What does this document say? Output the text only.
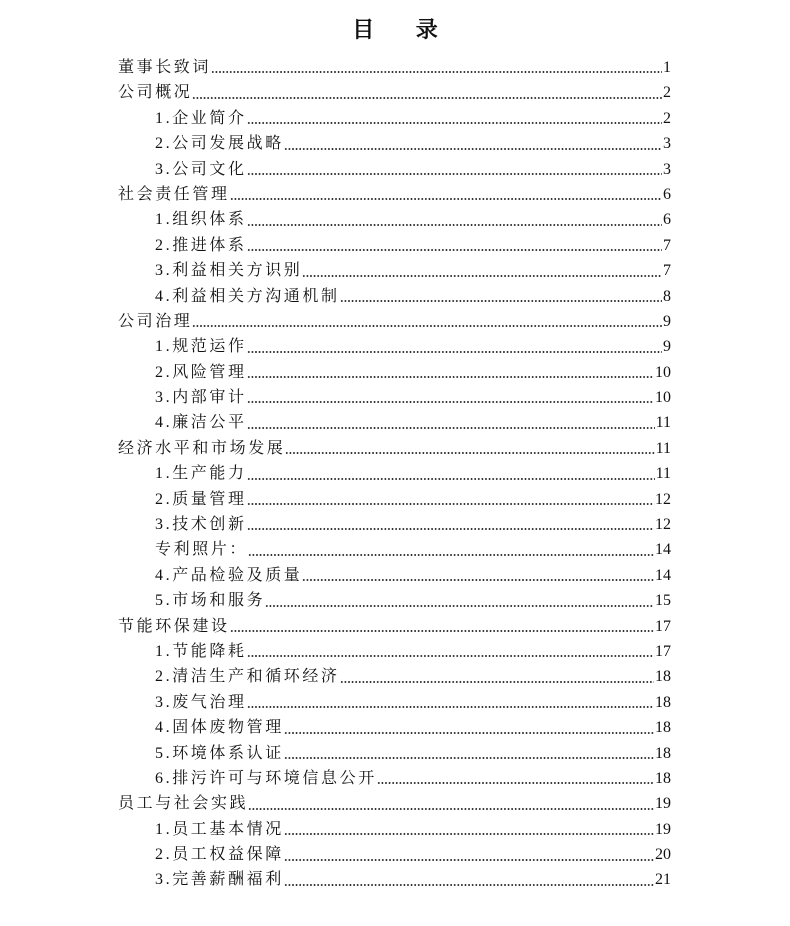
目 录
董事长致词	1
公司概况	2
1.企业简介	2
2.公司发展战略	3
3.公司文化	3
社会责任管理	6
1.组织体系	6
2.推进体系	7
3.利益相关方识别	7
4.利益相关方沟通机制	8
公司治理	9
1.规范运作	9
2.风险管理	10
3.内部审计	10
4.廉洁公平	11
经济水平和市场发展	11
1.生产能力	11
2.质量管理	12
3.技术创新	12
专利照片：	14
4.产品检验及质量	14
5.市场和服务	15
节能环保建设	17
1.节能降耗	17
2.清洁生产和循环经济	18
3.废气治理	18
4.固体废物管理	18
5.环境体系认证	18
6.排污许可与环境信息公开	18
员工与社会实践	19
1.员工基本情况	19
2.员工权益保障	20
3.完善薪酬福利	21
